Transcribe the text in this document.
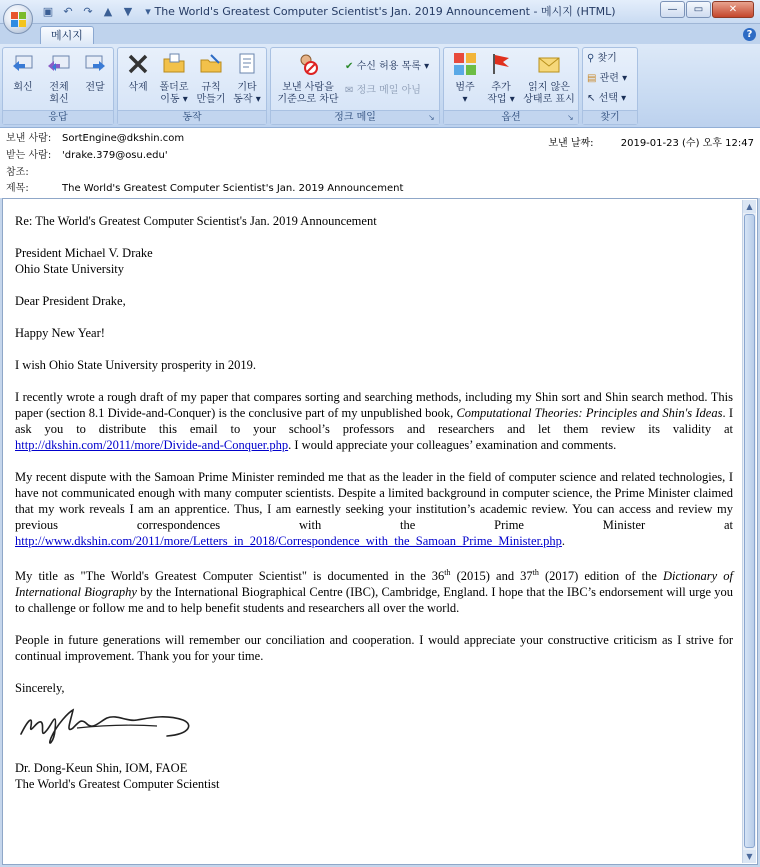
▣ ↶ ↷	▲	▼	▾ The World's Greatest Computer Scientist's Jan. 2019 Announcement - 메시지 (HTML)	—	▭	✕
메시지	?
회신	전체
회신
전달
응답
삭제	폴더로
이동 ▾
규칙
만들기
기타
동작 ▾
동작
보낸 사람을
기준으로 차단
✔ 수신 허용 목록 ▾
✉ 정크 메일 아님
정크 메일	↘
범주
▾
추가
작업 ▾
읽지 않은
상태로 표시
옵션	↘
⚲ 찾기
▤ 관련 ▾
↖ 선택 ▾
찾기
보낸 사람:	SortEngine@dkshin.com
받는 사람:	'drake.379@osu.edu'
참조:
제목:	The World's Greatest Computer Scientist's Jan. 2019 Announcement
보낸 날짜:	2019-01-23 (수) 오후 12:47

Re: The World's Greatest Computer Scientist's Jan. 2019 Announcement

President Michael V. Drake
Ohio State University

Dear President Drake,

Happy New Year!

I wish Ohio State University prosperity in 2019.

I recently wrote a rough draft of my paper that compares sorting and searching methods, including my Shin sort and Shin search method. This paper (section 8.1 Divide-and-Conquer) is the conclusive part of my unpublished book, Computational Theories: Principles and Shin's Ideas. I ask you to distribute this email to your school’s professors and researchers and let them review its validity at http://dkshin.com/2011/more/Divide-and-Conquer.php. I would appreciate your colleagues’ examination and comments.

My recent dispute with the Samoan Prime Minister reminded me that as the leader in the field of computer science and related technologies, I have not communicated enough with many computer scientists. Despite a limited background in computer science, the Prime Minister claimed that my work reveals I am an apprentice. Thus, I am earnestly seeking your institution’s academic review. You can access and review my previous correspondences with the Prime Minister at http://www.dkshin.com/2011/more/Letters_in_2018/Correspondence_with_the_Samoan_Prime_Minister.php.

My title as "The World's Greatest Computer Scientist" is documented in the 36th (2015) and 37th (2017) edition of the Dictionary of International Biography by the International Biographical Centre (IBC), Cambridge, England. I hope that the IBC’s endorsement will urge you to challenge or follow me and to help benefit students and researchers all over the world.

People in future generations will remember our conciliation and cooperation. I would appreciate your constructive criticism as I strive for continual improvement. Thank you for your time.

Sincerely,

Dr. Dong-Keun Shin, IOM, FAOE
The World's Greatest Computer Scientist

▲
▼
